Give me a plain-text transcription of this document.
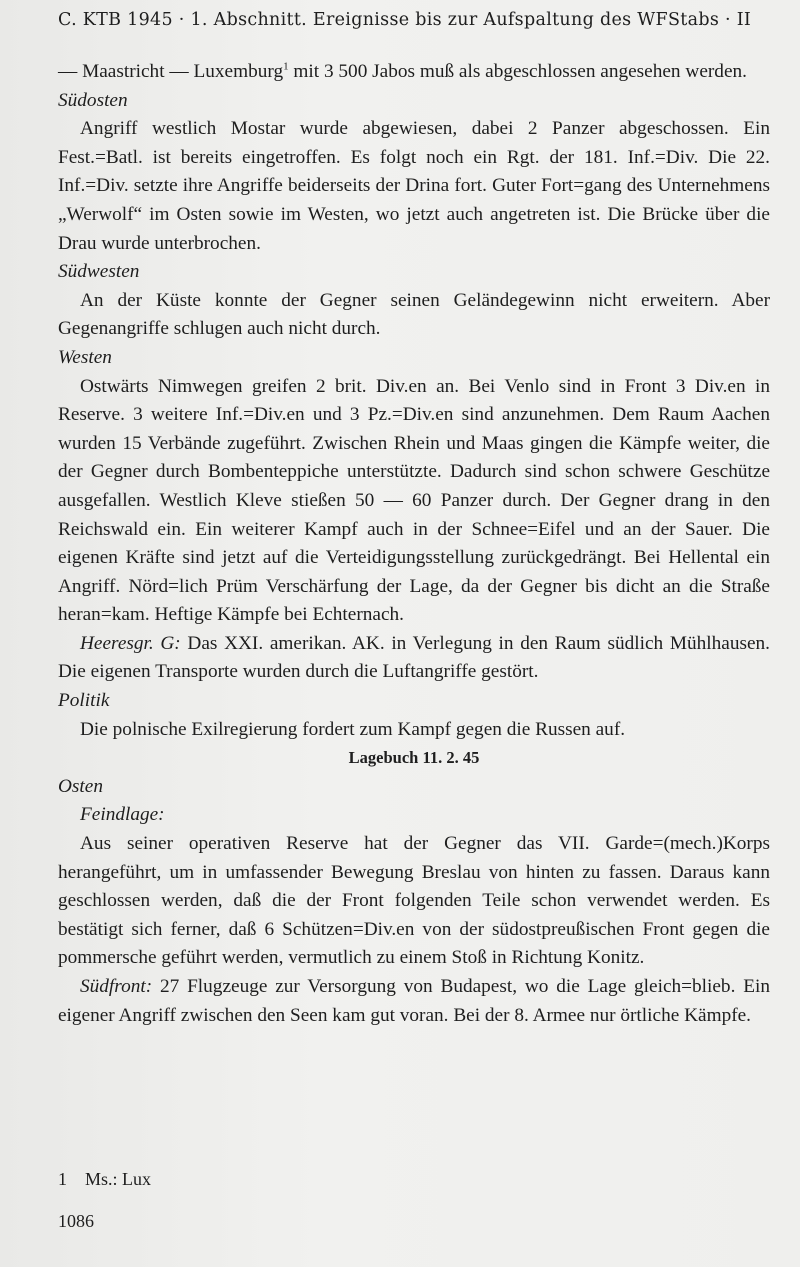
C. KTB 1945 · 1. Abschnitt. Ereignisse bis zur Aufspaltung des WFStabs · II

— Maastricht — Luxemburg$^1$ mit 3 500 Jabos muß als abgeschlossen angesehen werden.

Südosten

Angriff westlich Mostar wurde abgewiesen, dabei 2 Panzer abgeschossen. Ein Fest.=Batl. ist bereits eingetroffen. Es folgt noch ein Rgt. der 181. Inf.=Div. Die 22. Inf.=Div. setzte ihre Angriffe beiderseits der Drina fort. Guter Fort=gang des Unternehmens „Werwolf“ im Osten sowie im Westen, wo jetzt auch angetreten ist. Die Brücke über die Drau wurde unterbrochen.

Südwesten

An der Küste konnte der Gegner seinen Geländegewinn nicht erweitern. Aber Gegenangriffe schlugen auch nicht durch.

Westen

Ostwärts Nimwegen greifen 2 brit. Div.en an. Bei Venlo sind in Front 3 Div.en in Reserve. 3 weitere Inf.=Div.en und 3 Pz.=Div.en sind anzunehmen. Dem Raum Aachen wurden 15 Verbände zugeführt. Zwischen Rhein und Maas gingen die Kämpfe weiter, die der Gegner durch Bombenteppiche unterstützte. Dadurch sind schon schwere Geschütze ausgefallen. Westlich Kleve stießen 50 — 60 Panzer durch. Der Gegner drang in den Reichswald ein. Ein weiterer Kampf auch in der Schnee=Eifel und an der Sauer. Die eigenen Kräfte sind jetzt auf die Verteidigungsstellung zurückgedrängt. Bei Hellental ein Angriff. Nörd=lich Prüm Verschärfung der Lage, da der Gegner bis dicht an die Straße heran=kam. Heftige Kämpfe bei Echternach.

Heeresgr. G: Das XXI. amerikan. AK. in Verlegung in den Raum südlich Mühlhausen. Die eigenen Transporte wurden durch die Luftangriffe gestört.

Politik

Die polnische Exilregierung fordert zum Kampf gegen die Russen auf.

Lagebuch 11. 2. 45

Osten

Feindlage:

Aus seiner operativen Reserve hat der Gegner das VII. Garde=(mech.)Korps herangeführt, um in umfassender Bewegung Breslau von hinten zu fassen. Daraus kann geschlossen werden, daß die der Front folgenden Teile schon verwendet werden. Es bestätigt sich ferner, daß 6 Schützen=Div.en von der südostpreußischen Front gegen die pommersche geführt werden, vermutlich zu einem Stoß in Richtung Konitz.

Südfront: 27 Flugzeuge zur Versorgung von Budapest, wo die Lage gleich=blieb. Ein eigener Angriff zwischen den Seen kam gut voran. Bei der 8. Armee nur örtliche Kämpfe.

1 Ms.: Lux
1086
